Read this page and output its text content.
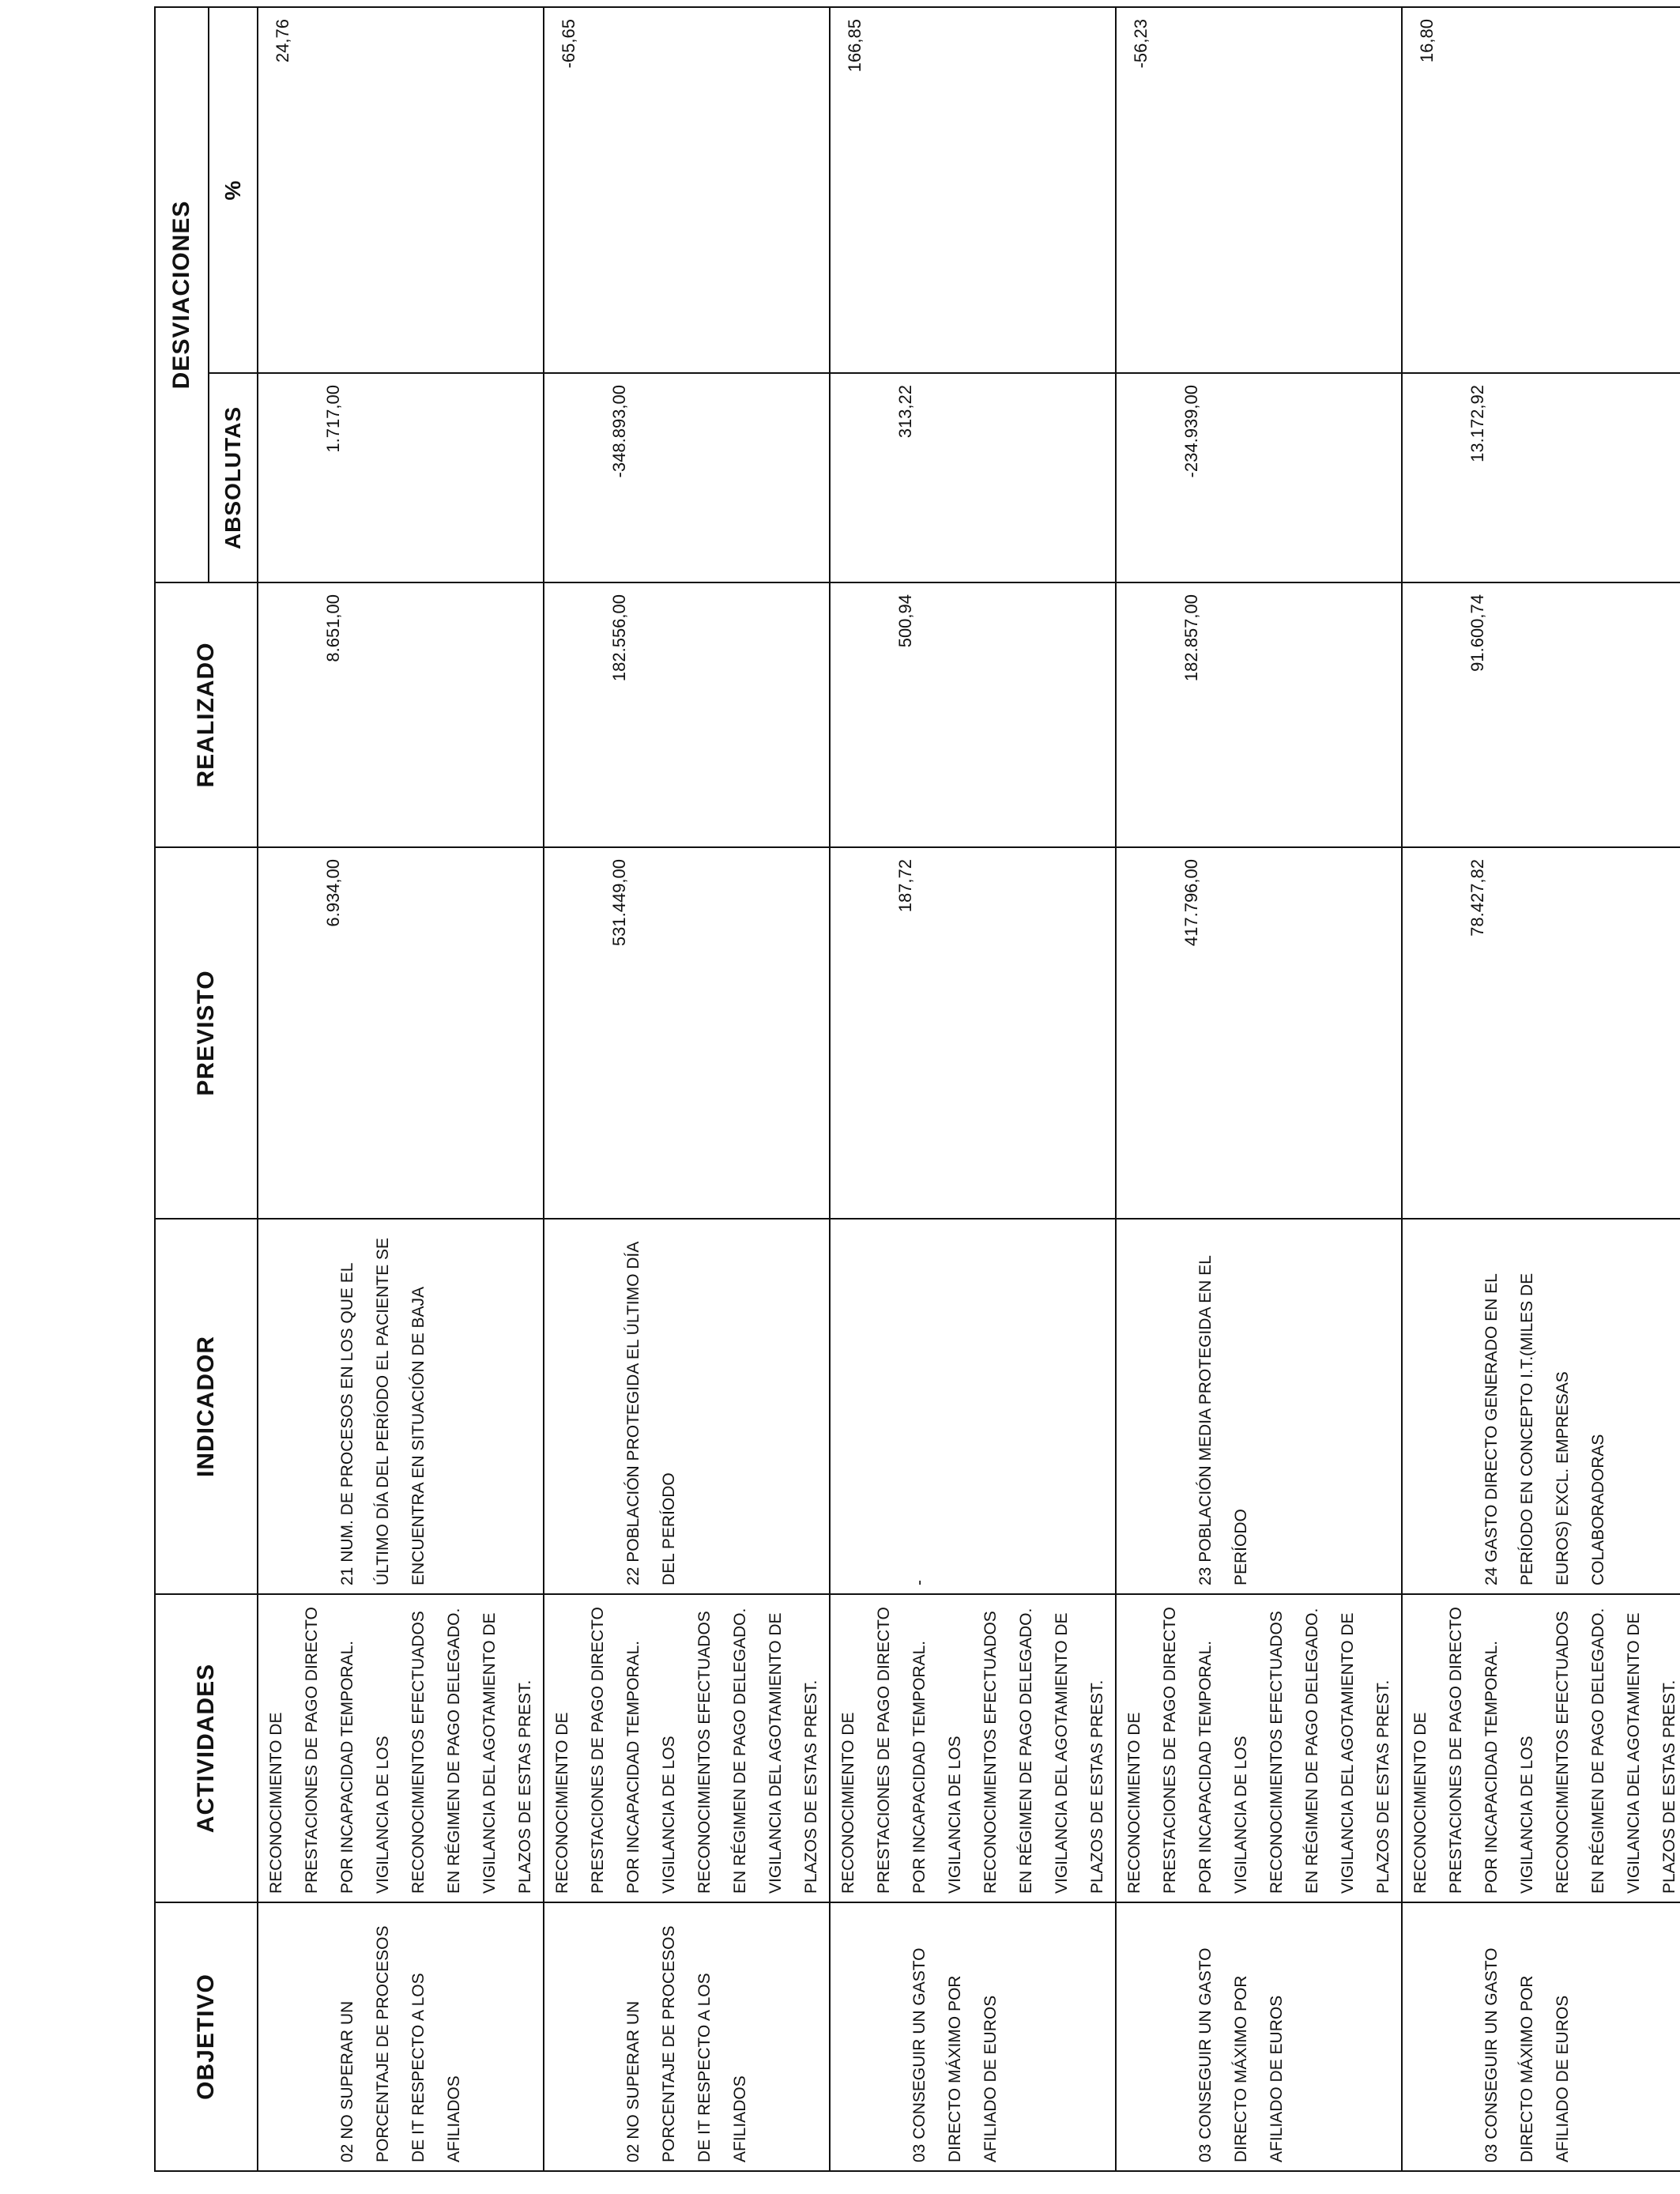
OBJETIVO	ACTIVIDADES	INDICADOR	PREVISTO	REALIZADO	DESVIACIONES	
					ABSOLUTAS	%
02 NO SUPERAR UN PORCENTAJE DE PROCESOS DE IT RESPECTO A LOS AFILIADOS	RECONOCIMIENTO DE PRESTACIONES DE PAGO DIRECTO POR INCAPACIDAD TEMPORAL. VIGILANCIA DE LOS RECONOCIMIENTOS EFECTUADOS EN RÉGIMEN DE PAGO DELEGADO. VIGILANCIA DEL AGOTAMIENTO DE PLAZOS DE ESTAS PREST.	21 NUM. DE PROCESOS EN LOS QUE EL ÚLTIMO DÍA DEL PERÍODO EL PACIENTE SE ENCUENTRA EN SITUACIÓN DE BAJA	6.934,00	8.651,00	1.717,00	24,76
02 NO SUPERAR UN PORCENTAJE DE PROCESOS DE IT RESPECTO A LOS AFILIADOS	RECONOCIMIENTO DE PRESTACIONES DE PAGO DIRECTO POR INCAPACIDAD TEMPORAL. VIGILANCIA DE LOS RECONOCIMIENTOS EFECTUADOS EN RÉGIMEN DE PAGO DELEGADO. VIGILANCIA DEL AGOTAMIENTO DE PLAZOS DE ESTAS PREST.	22 POBLACIÓN PROTEGIDA EL ÚLTIMO DÍA DEL PERÍODO	531.449,00	182.556,00	-348.893,00	-65,65
03 CONSEGUIR UN GASTO DIRECTO MÁXIMO POR AFILIADO DE EUROS	RECONOCIMIENTO DE PRESTACIONES DE PAGO DIRECTO POR INCAPACIDAD TEMPORAL. VIGILANCIA DE LOS RECONOCIMIENTOS EFECTUADOS EN RÉGIMEN DE PAGO DELEGADO. VIGILANCIA DEL AGOTAMIENTO DE PLAZOS DE ESTAS PREST.	-	187,72	500,94	313,22	166,85
03 CONSEGUIR UN GASTO DIRECTO MÁXIMO POR AFILIADO DE EUROS	RECONOCIMIENTO DE PRESTACIONES DE PAGO DIRECTO POR INCAPACIDAD TEMPORAL. VIGILANCIA DE LOS RECONOCIMIENTOS EFECTUADOS EN RÉGIMEN DE PAGO DELEGADO. VIGILANCIA DEL AGOTAMIENTO DE PLAZOS DE ESTAS PREST.	23 POBLACIÓN MEDIA PROTEGIDA EN EL PERÍODO	417.796,00	182.857,00	-234.939,00	-56,23
03 CONSEGUIR UN GASTO DIRECTO MÁXIMO POR AFILIADO DE EUROS	RECONOCIMIENTO DE PRESTACIONES DE PAGO DIRECTO POR INCAPACIDAD TEMPORAL. VIGILANCIA DE LOS RECONOCIMIENTOS EFECTUADOS EN RÉGIMEN DE PAGO DELEGADO. VIGILANCIA DEL AGOTAMIENTO DE PLAZOS DE ESTAS PREST.	24 GASTO DIRECTO GENERADO EN EL PERÍODO EN CONCEPTO I.T.(MILES DE EUROS) EXCL. EMPRESAS COLABORADORAS	78.427,82	91.600,74	13.172,92	16,80
